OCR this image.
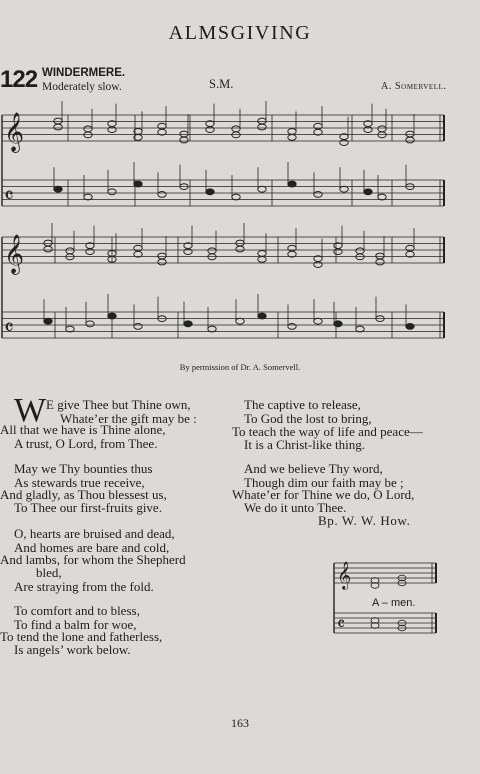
ALMSGIVING
122 WINDERMERE.
Moderately slow.	S.M.	A. Somervell.
𝄞
𝄴
𝄞
𝄴
By permission of Dr. A. Somervell.
W E give Thee but Thine own,
Whate’er the gift may be :
All that we have is Thine alone,
A trust, O Lord, from Thee.
May we Thy bounties thus
As stewards true receive,
And gladly, as Thou blessest us,
To Thee our first-fruits give.
O, hearts are bruised and dead,
And homes are bare and cold,
And lambs, for whom the Shepherd
bled,
Are straying from the fold.
To comfort and to bless,
To find a balm for woe,
To tend the lone and fatherless,
Is angels’ work below.
The captive to release,
To God the lost to bring,
To teach the way of life and peace—
It is a Christ-like thing.
And we believe Thy word,
Though dim our faith may be ;
Whate’er for Thine we do, O Lord,
We do it unto Thee.
Bp. W. W. How.
𝄞
𝄴
A – men.
163
